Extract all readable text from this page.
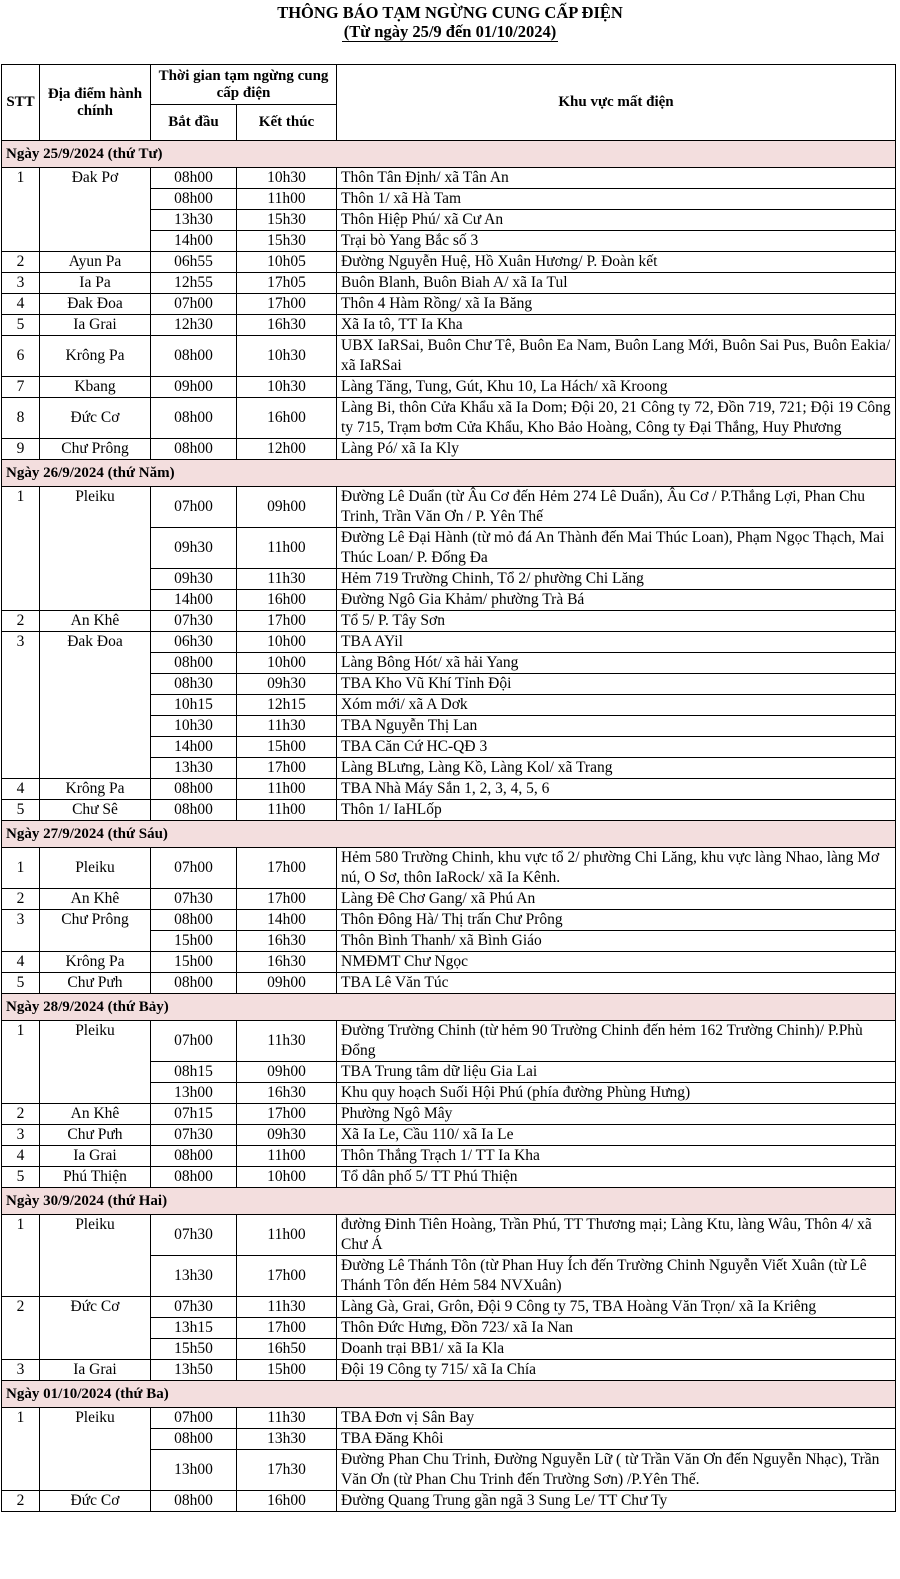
THÔNG BÁO TẠM NGỪNG CUNG CẤP ĐIỆN
(Từ ngày 25/9 đến 01/10/2024)
STT	Địa điểm hành chính	Thời gian tạm ngừng cung cấp điện		Khu vực mất điện
		Bắt đầu	Kết thúc	
Ngày 25/9/2024 (thứ Tư)				
1	Đak Pơ	08h00	10h30	Thôn Tân Định/ xã Tân An
		08h00	11h00	Thôn 1/ xã Hà Tam
		13h30	15h30	Thôn Hiệp Phú/ xã Cư An
		14h00	15h30	Trại bò Yang Bắc số 3
2	Ayun Pa	06h55	10h05	Đường Nguyễn Huệ, Hồ Xuân Hương/ P. Đoàn kết
3	Ia Pa	12h55	17h05	Buôn Blanh, Buôn Biah A/ xã Ia Tul
4	Đak Đoa	07h00	17h00	Thôn 4 Hàm Rồng/ xã Ia Băng
5	Ia Grai	12h30	16h30	Xã Ia tô, TT Ia Kha
6	Krông Pa	08h00	10h30	UBX IaRSai, Buôn Chư Tê, Buôn Ea Nam, Buôn Lang Mới, Buôn Sai Pus, Buôn Eakia/ xã IaRSai
7	Kbang	09h00	10h30	Làng Tăng, Tung, Gút, Khu 10, La Hách/ xã Kroong
8	Đức Cơ	08h00	16h00	Làng Bi, thôn Cửa Khẩu xã Ia Dom; Đội 20, 21 Công ty 72, Đồn 719, 721; Đội 19 Công ty 715, Trạm bơm Cửa Khẩu, Kho Bảo Hoàng, Công ty Đại Thắng, Huy Phương
9	Chư Prông	08h00	12h00	Làng Pó/ xã Ia Kly
Ngày 26/9/2024 (thứ Năm)				
1	Pleiku	07h00	09h00	Đường Lê Duẩn (từ Âu Cơ đến Hẻm 274 Lê Duẩn), Âu Cơ / P.Thắng Lợi, Phan Chu Trinh, Trần Văn Ơn / P. Yên Thế
		09h30	11h00	Đường Lê Đại Hành (từ mỏ đá An Thành đến Mai Thúc Loan), Phạm Ngọc Thạch, Mai Thúc Loan/ P. Đống Đa
		09h30	11h30	Hẻm 719 Trường Chinh, Tổ 2/ phường Chi Lăng
		14h00	16h00	Đường Ngô Gia Khảm/ phường Trà Bá
2	An Khê	07h30	17h00	Tổ 5/ P. Tây Sơn
3	Đak Đoa	06h30	10h00	TBA AYil
		08h00	10h00	Làng Bông Hót/ xã hải Yang
		08h30	09h30	TBA Kho Vũ Khí Tỉnh Đội
		10h15	12h15	Xóm mới/ xã A Dơk
		10h30	11h30	TBA Nguyễn Thị Lan
		14h00	15h00	TBA Căn Cứ HC-QĐ 3
		13h30	17h00	Làng BLưng, Làng Kồ, Làng Kol/ xã Trang
4	Krông Pa	08h00	11h00	TBA Nhà Máy Sắn 1, 2, 3, 4, 5, 6
5	Chư Sê	08h00	11h00	Thôn 1/ IaHLốp
Ngày 27/9/2024 (thứ Sáu)				
1	Pleiku	07h00	17h00	Hẻm 580 Trường Chinh, khu vực tổ 2/ phường Chi Lăng, khu vực làng Nhao, làng Mơ nú, O Sơ, thôn IaRock/ xã Ia Kênh.
2	An Khê	07h30	17h00	Làng Đê Chơ Gang/ xã Phú An
3	Chư Prông	08h00	14h00	Thôn Đông Hà/ Thị trấn Chư Prông
		15h00	16h30	Thôn Bình Thanh/ xã Bình Giáo
4	Krông Pa	15h00	16h30	NMĐMT Chư Ngọc
5	Chư Pưh	08h00	09h00	TBA Lê Văn Túc
Ngày 28/9/2024 (thứ Bảy)				
1	Pleiku	07h00	11h30	Đường Trường Chinh (từ hẻm 90 Trường Chinh đến hẻm 162 Trường Chinh)/ P.Phù Đổng
		08h15	09h00	TBA Trung tâm dữ liệu Gia Lai
		13h00	16h30	Khu quy hoạch Suối Hội Phú (phía đường Phùng Hưng)
2	An Khê	07h15	17h00	Phường Ngô Mây
3	Chư Pưh	07h30	09h30	Xã Ia Le, Cầu 110/ xã Ia Le
4	Ia Grai	08h00	11h00	Thôn Thắng Trạch 1/ TT Ia Kha
5	Phú Thiện	08h00	10h00	Tổ dân phố 5/ TT Phú Thiện
Ngày 30/9/2024 (thứ Hai)				
1	Pleiku	07h30	11h00	đường Đinh Tiên Hoàng, Trần Phú, TT Thương mại; Làng Ktu, làng Wâu, Thôn 4/ xã Chư Á
		13h30	17h00	Đường Lê Thánh Tôn (từ Phan Huy Ích đến Trường Chinh Nguyễn Viết Xuân (từ Lê Thánh Tôn đến Hẻm 584 NVXuân)
2	Đức Cơ	07h30	11h30	Làng Gà, Grai, Grôn, Đội 9 Công ty 75, TBA Hoàng Văn Trọn/ xã Ia Kriêng
		13h15	17h00	Thôn Đức Hưng, Đồn 723/ xã Ia Nan
		15h50	16h50	Doanh trại BB1/ xã Ia Kla
3	Ia Grai	13h50	15h00	Đội 19 Công ty 715/ xã Ia Chía
Ngày 01/10/2024 (thứ Ba)				
1	Pleiku	07h00	11h30	TBA Đơn vị Sân Bay
		08h00	13h30	TBA Đăng Khôi
		13h00	17h30	Đường Phan Chu Trinh, Đường Nguyễn Lữ ( từ Trần Văn Ơn đến Nguyễn Nhạc), Trần Văn Ơn (từ Phan Chu Trinh đến Trường Sơn) /P.Yên Thế.
2	Đức Cơ	08h00	16h00	Đường Quang Trung gần ngã 3 Sung Le/ TT Chư Ty
